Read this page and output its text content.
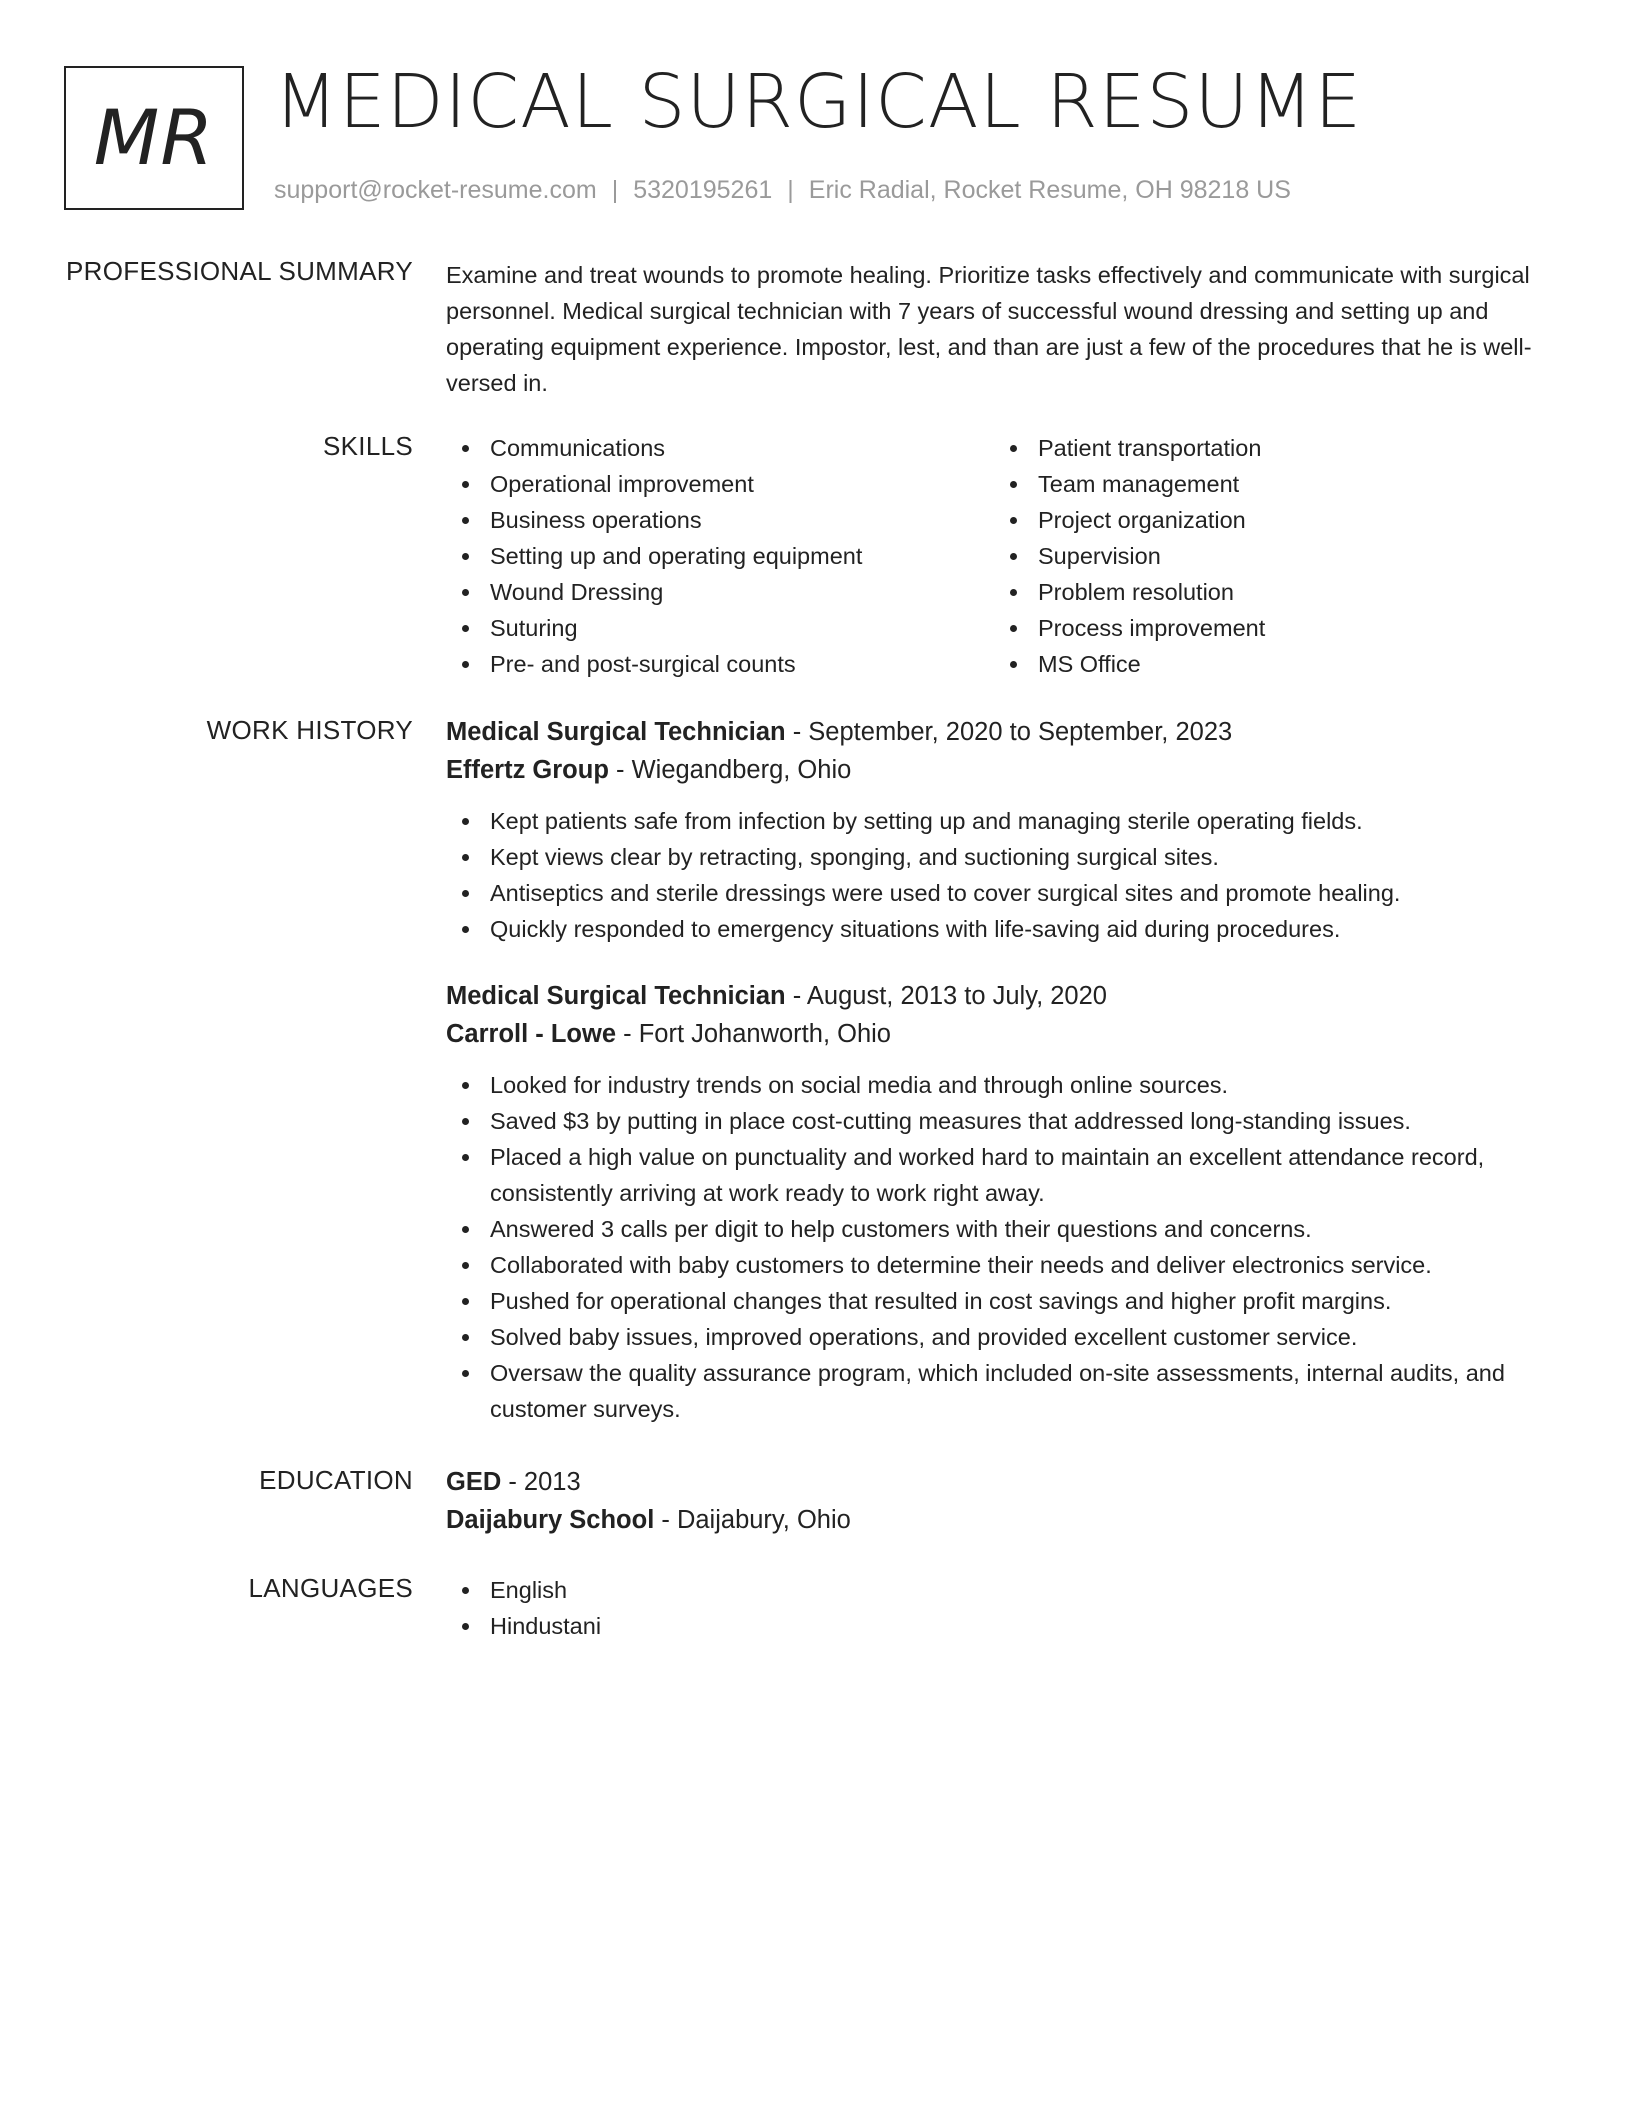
MR MEDICAL SURGICAL RESUME
support@rocket-resume.com | 5320195261 | Eric Radial, Rocket Resume, OH 98218 US
PROFESSIONAL SUMMARY Examine and treat wounds to promote healing. Prioritize tasks effectively and communicate with surgical personnel. Medical surgical technician with 7 years of successful wound dressing and setting up and operating equipment experience. Impostor, lest, and than are just a few of the procedures that he is well-versed in.

SKILLS	Communications
Operational improvement
Business operations
Setting up and operating equipment
Wound Dressing
Suturing
Pre- and post-surgical counts
Patient transportation
Team management
Project organization
Supervision
Problem resolution
Process improvement
MS Office
WORK HISTORY Medical Surgical Technician - September, 2020 to September, 2023
Effertz Group - Wiegandberg, Ohio
Kept patients safe from infection by setting up and managing sterile operating fields.
Kept views clear by retracting, sponging, and suctioning surgical sites.
Antiseptics and sterile dressings were used to cover surgical sites and promote healing.
Quickly responded to emergency situations with life-saving aid during procedures.
Medical Surgical Technician - August, 2013 to July, 2020
Carroll - Lowe - Fort Johanworth, Ohio
Looked for industry trends on social media and through online sources.
Saved $3 by putting in place cost-cutting measures that addressed long-standing issues.
Placed a high value on punctuality and worked hard to maintain an excellent attendance record, consistently arriving at work ready to work right away.
Answered 3 calls per digit to help customers with their questions and concerns.
Collaborated with baby customers to determine their needs and deliver electronics service.
Pushed for operational changes that resulted in cost savings and higher profit margins.
Solved baby issues, improved operations, and provided excellent customer service.
Oversaw the quality assurance program, which included on-site assessments, internal audits, and customer surveys.
EDUCATION GED - 2013
Daijabury School - Daijabury, Ohio
LANGUAGES	English
Hindustani
